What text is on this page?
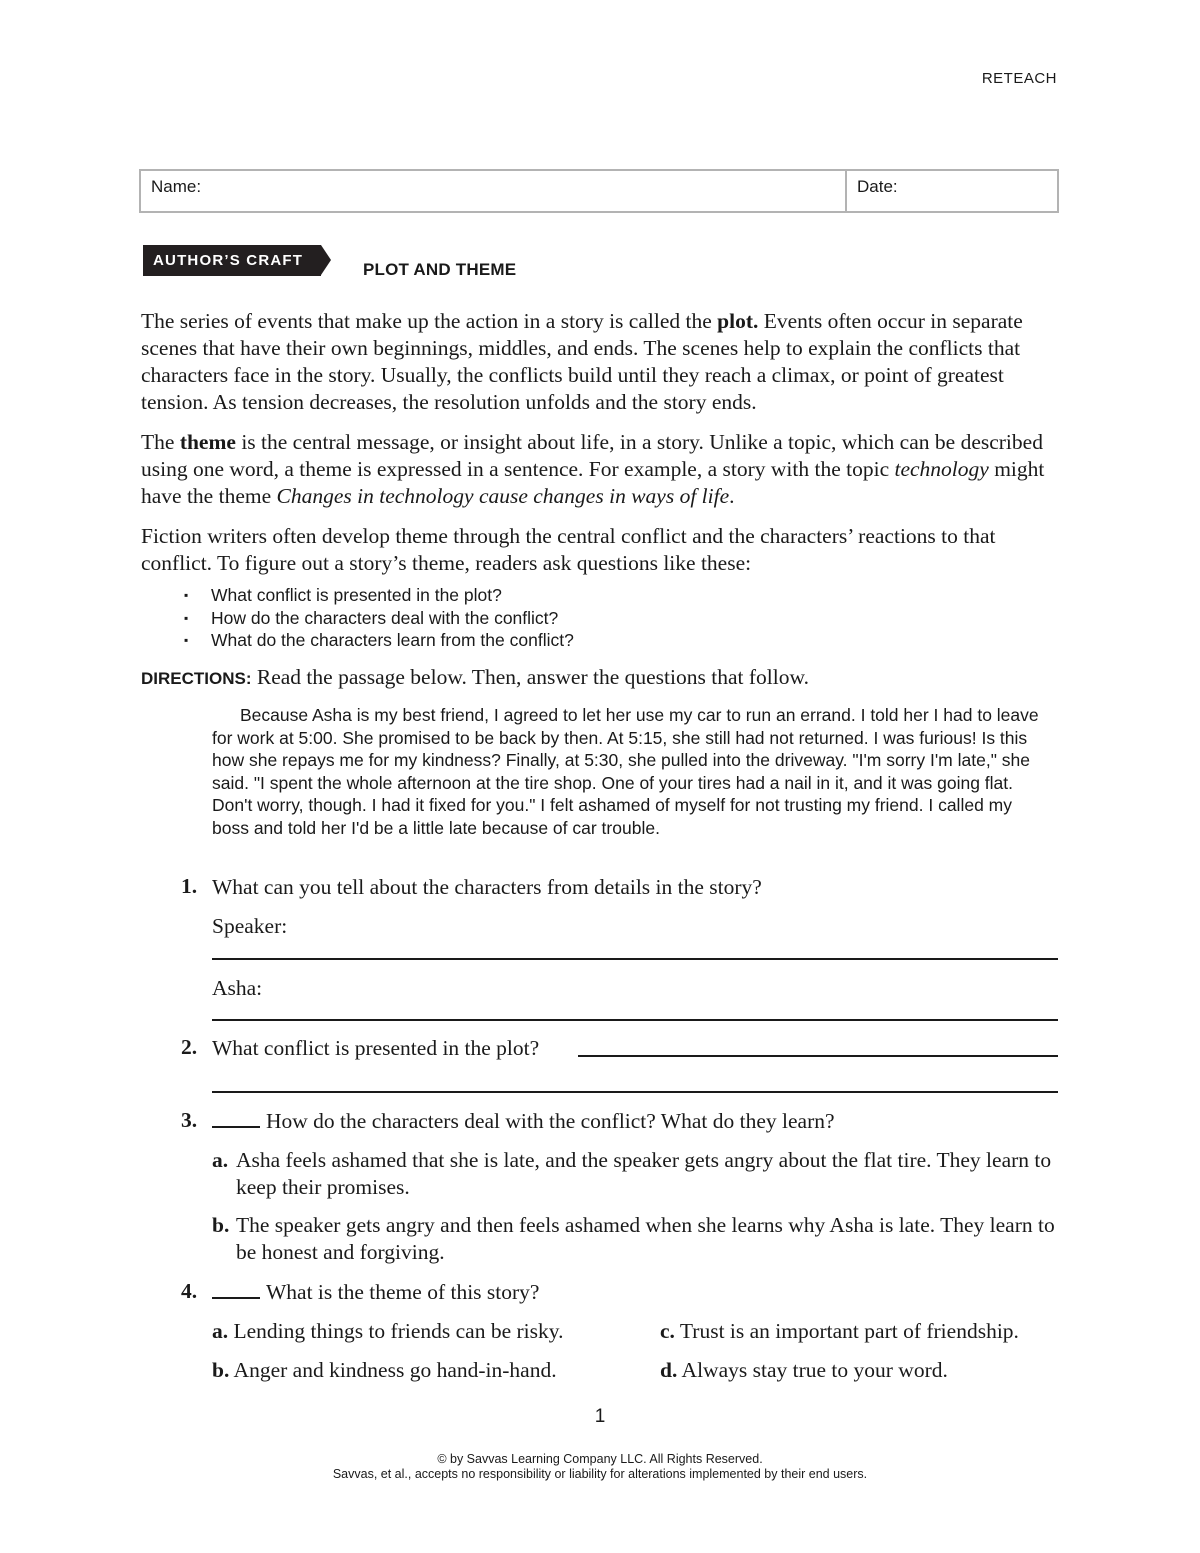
RETEACH
Name:	Date:
AUTHOR’S CRAFT	PLOT AND THEME
The series of events that make up the action in a story is called the plot. Events often occur in separate scenes that have their own beginnings, middles, and ends. The scenes help to explain the conflicts that characters face in the story. Usually, the conflicts build until they reach a climax, or point of greatest tension. As tension decreases, the resolution unfolds and the story ends.
The theme is the central message, or insight about life, in a story. Unlike a topic, which can be described using one word, a theme is expressed in a sentence. For example, a story with the topic technology might have the theme Changes in technology cause changes in ways of life.
Fiction writers often develop theme through the central conflict and the characters’ reactions to that conflict. To figure out a story’s theme, readers ask questions like these:
▪ What conflict is presented in the plot?
▪ How do the characters deal with the conflict?
▪ What do the characters learn from the conflict?
DIRECTIONS: Read the passage below. Then, answer the questions that follow.
Because Asha is my best friend, I agreed to let her use my car to run an errand. I told her I had to leave for work at 5:00. She promised to be back by then. At 5:15, she still had not returned. I was furious! Is this how she repays me for my kindness? Finally, at 5:30, she pulled into the driveway. "I'm sorry I'm late," she said. "I spent the whole afternoon at the tire shop. One of your tires had a nail in it, and it was going flat. Don't worry, though. I had it fixed for you." I felt ashamed of myself for not trusting my friend. I called my boss and told her I'd be a little late because of car trouble.
1. What can you tell about the characters from details in the story?
Speaker:
Asha:
2. What conflict is presented in the plot?
3.	How do the characters deal with the conflict? What do they learn?
a. Asha feels ashamed that she is late, and the speaker gets angry about the flat tire. They learn to keep their promises.
b. The speaker gets angry and then feels ashamed when she learns why Asha is late. They learn to be honest and forgiving.
4.	What is the theme of this story?
a. Lending things to friends can be risky.	c. Trust is an important part of friendship.
b. Anger and kindness go hand-in-hand.	d. Always stay true to your word.
1
© by Savvas Learning Company LLC. All Rights Reserved.
Savvas, et al., accepts no responsibility or liability for alterations implemented by their end users.
